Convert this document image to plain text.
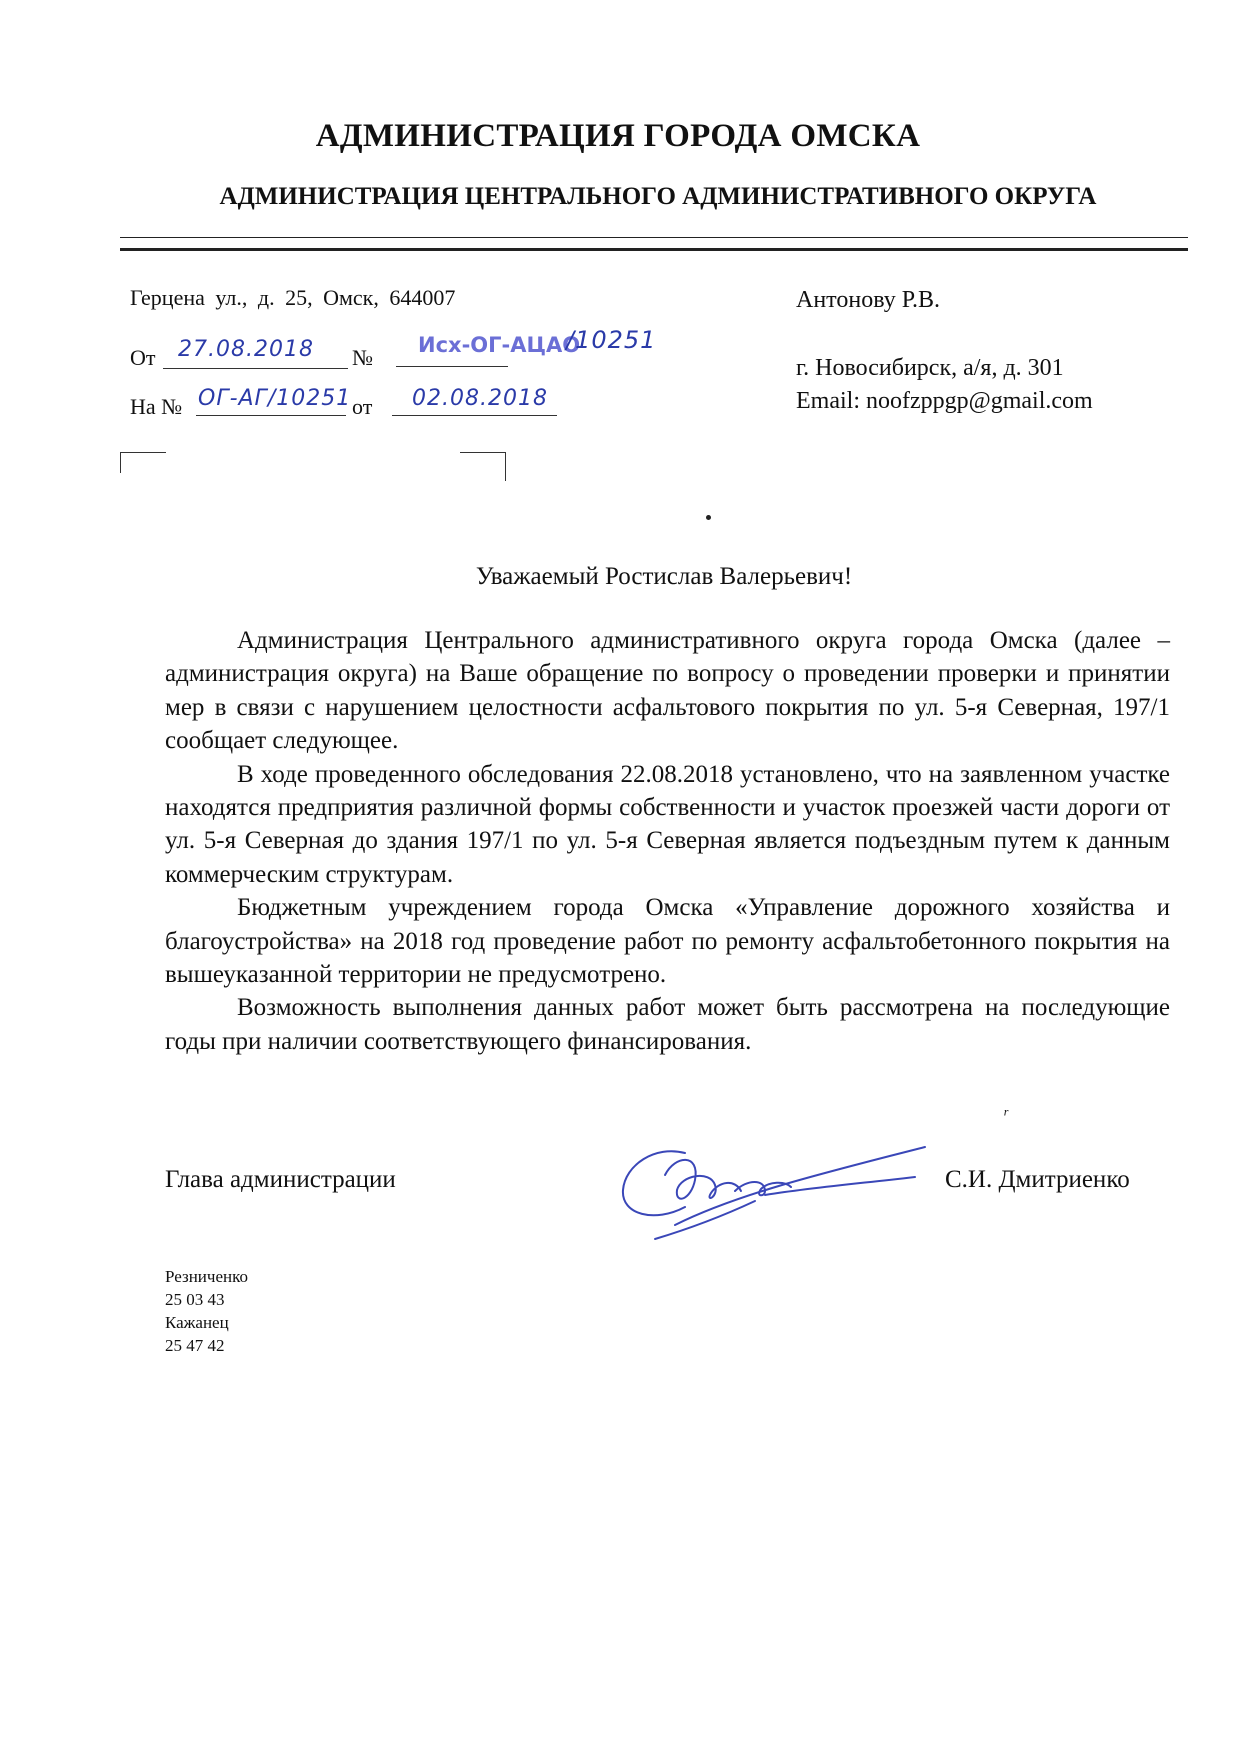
АДМИНИСТРАЦИЯ ГОРОДА ОМСКА
АДМИНИСТРАЦИЯ ЦЕНТРАЛЬНОГО АДМИНИСТРАТИВНОГО ОКРУГА
Герцена ул., д. 25, Омск, 644007
От 27.08.2018 № Исх-ОГ-АЦАО
/10251
На № ОГ-АГ/10251 от 02.08.2018
Антонову Р.В.
г. Новосибирск, а/я, д. 301
Email: noofzppgp@gmail.com
Уважаемый Ростислав Валерьевич!

Администрация Центрального административного округа города Омска (далее – администрация округа) на Ваше обращение по вопросу о проведении проверки и принятии мер в связи с нарушением целостности асфальтового покрытия по ул. 5-я Северная, 197/1 сообщает следующее.

В ходе проведенного обследования 22.08.2018 установлено, что на заявленном участке находятся предприятия различной формы собственности и участок проезжей части дороги от ул. 5-я Северная до здания 197/1 по ул. 5-я Северная является подъездным путем к данным коммерческим структурам.

Бюджетным учреждением города Омска «Управление дорожного хозяйства и благоустройства» на 2018 год проведение работ по ремонту асфальтобетонного покрытия на вышеуказанной территории не предусмотрено.

Возможность выполнения данных работ может быть рассмотрена на последующие годы при наличии соответствующего финансирования.

Глава администрации	С.И. Дмитриенко
ʳ
Резниченко
25 03 43
Кажанец
25 47 42
